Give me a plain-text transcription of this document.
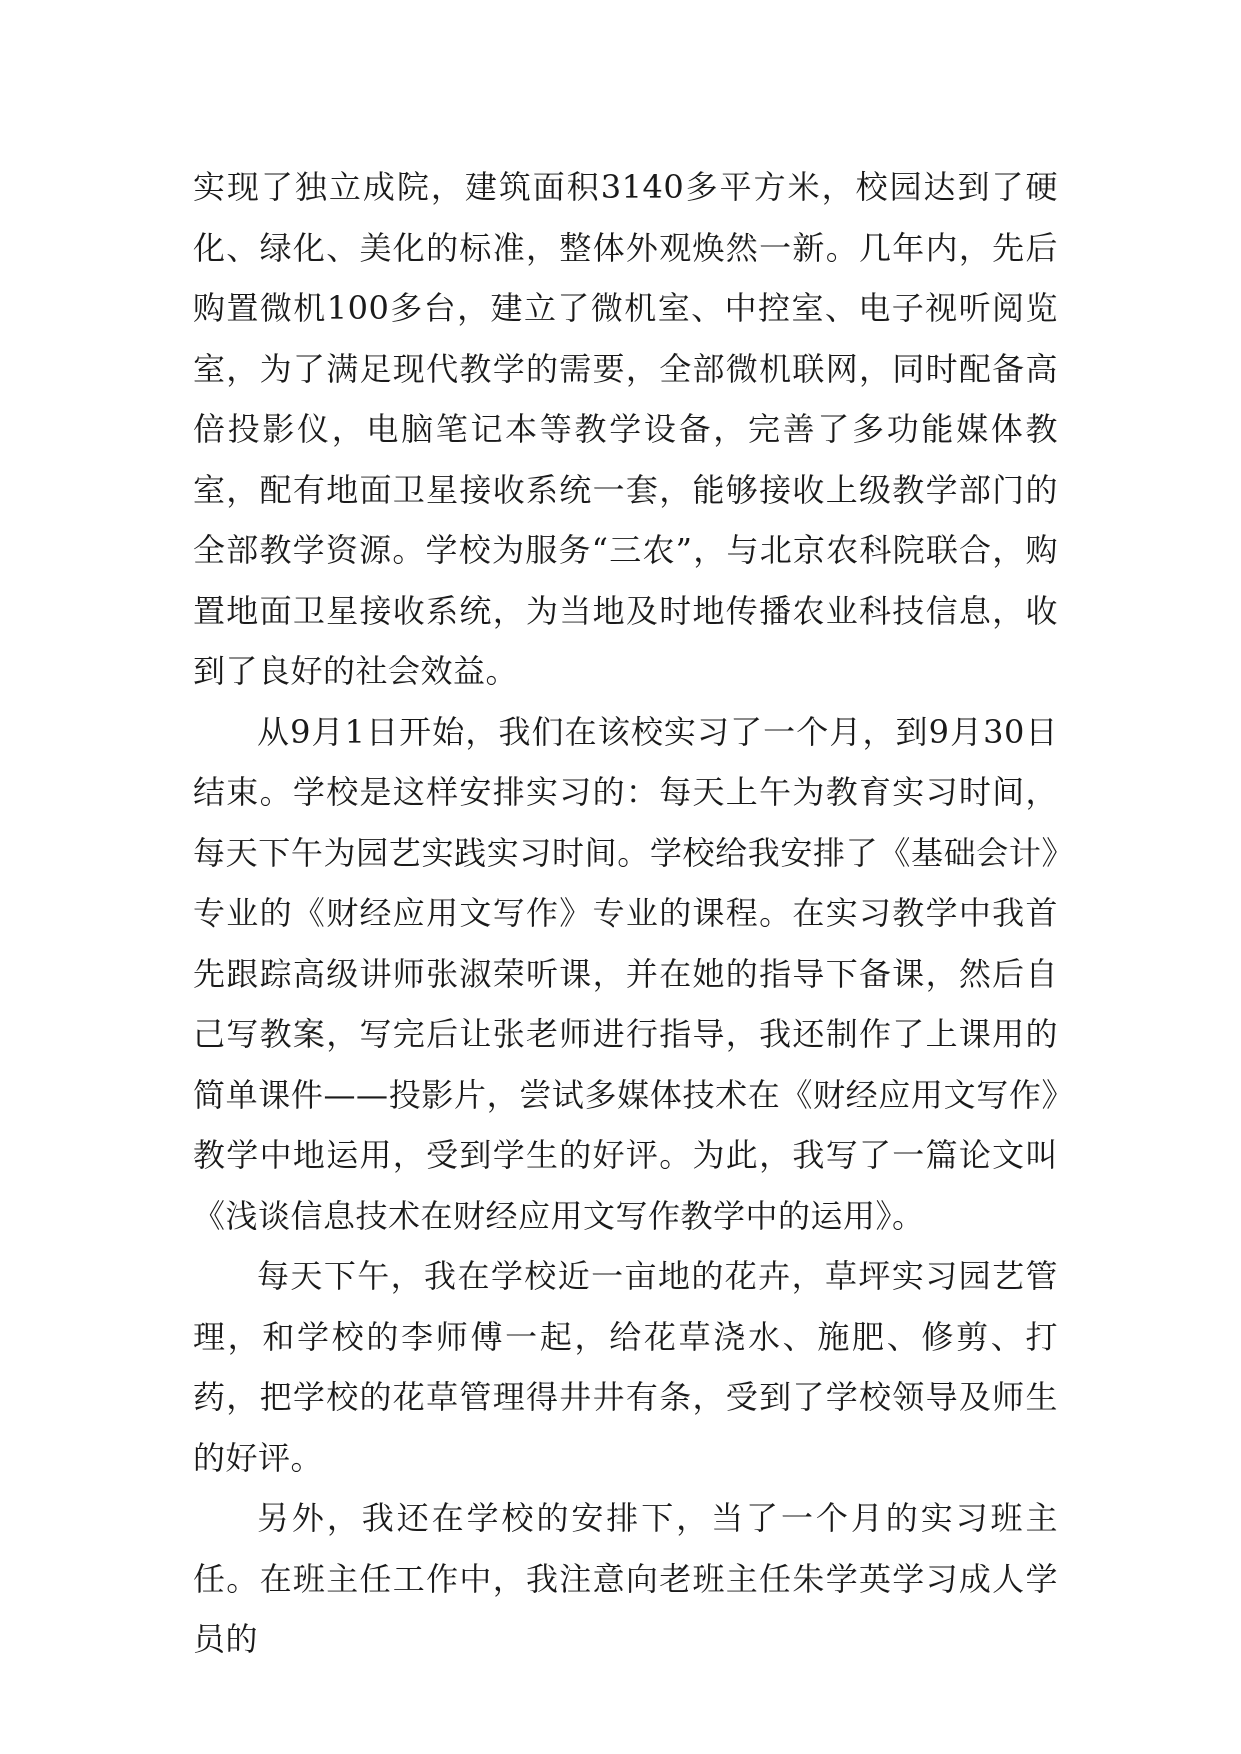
实现了独立成院，建筑面积3140多平方米，校园达到了硬化、绿化、美化的标准，整体外观焕然一新。几年内，先后购置微机100多台，建立了微机室、中控室、电子视听阅览室，为了满足现代教学的需要，全部微机联网，同时配备高倍投影仪，电脑笔记本等教学设备，完善了多功能媒体教室，配有地面卫星接收系统一套，能够接收上级教学部门的全部教学资源。学校为服务“三农”，与北京农科院联合，购置地面卫星接收系统，为当地及时地传播农业科技信息，收到了良好的社会效益。

从9月1日开始，我们在该校实习了一个月，到9月30日结束。学校是这样安排实习的：每天上午为教育实习时间，每天下午为园艺实践实习时间。学校给我安排了《基础会计》专业的《财经应用文写作》专业的课程。在实习教学中我首先跟踪高级讲师张淑荣听课，并在她的指导下备课，然后自己写教案，写完后让张老师进行指导，我还制作了上课用的简单课件——投影片，尝试多媒体技术在《财经应用文写作》教学中地运用，受到学生的好评。为此，我写了一篇论文叫《浅谈信息技术在财经应用文写作教学中的运用》。

每天下午，我在学校近一亩地的花卉，草坪实习园艺管理，和学校的李师傅一起，给花草浇水、施肥、修剪、打药，把学校的花草管理得井井有条，受到了学校领导及师生的好评。

另外，我还在学校的安排下，当了一个月的实习班主任。在班主任工作中，我注意向老班主任朱学英学习成人学员的
